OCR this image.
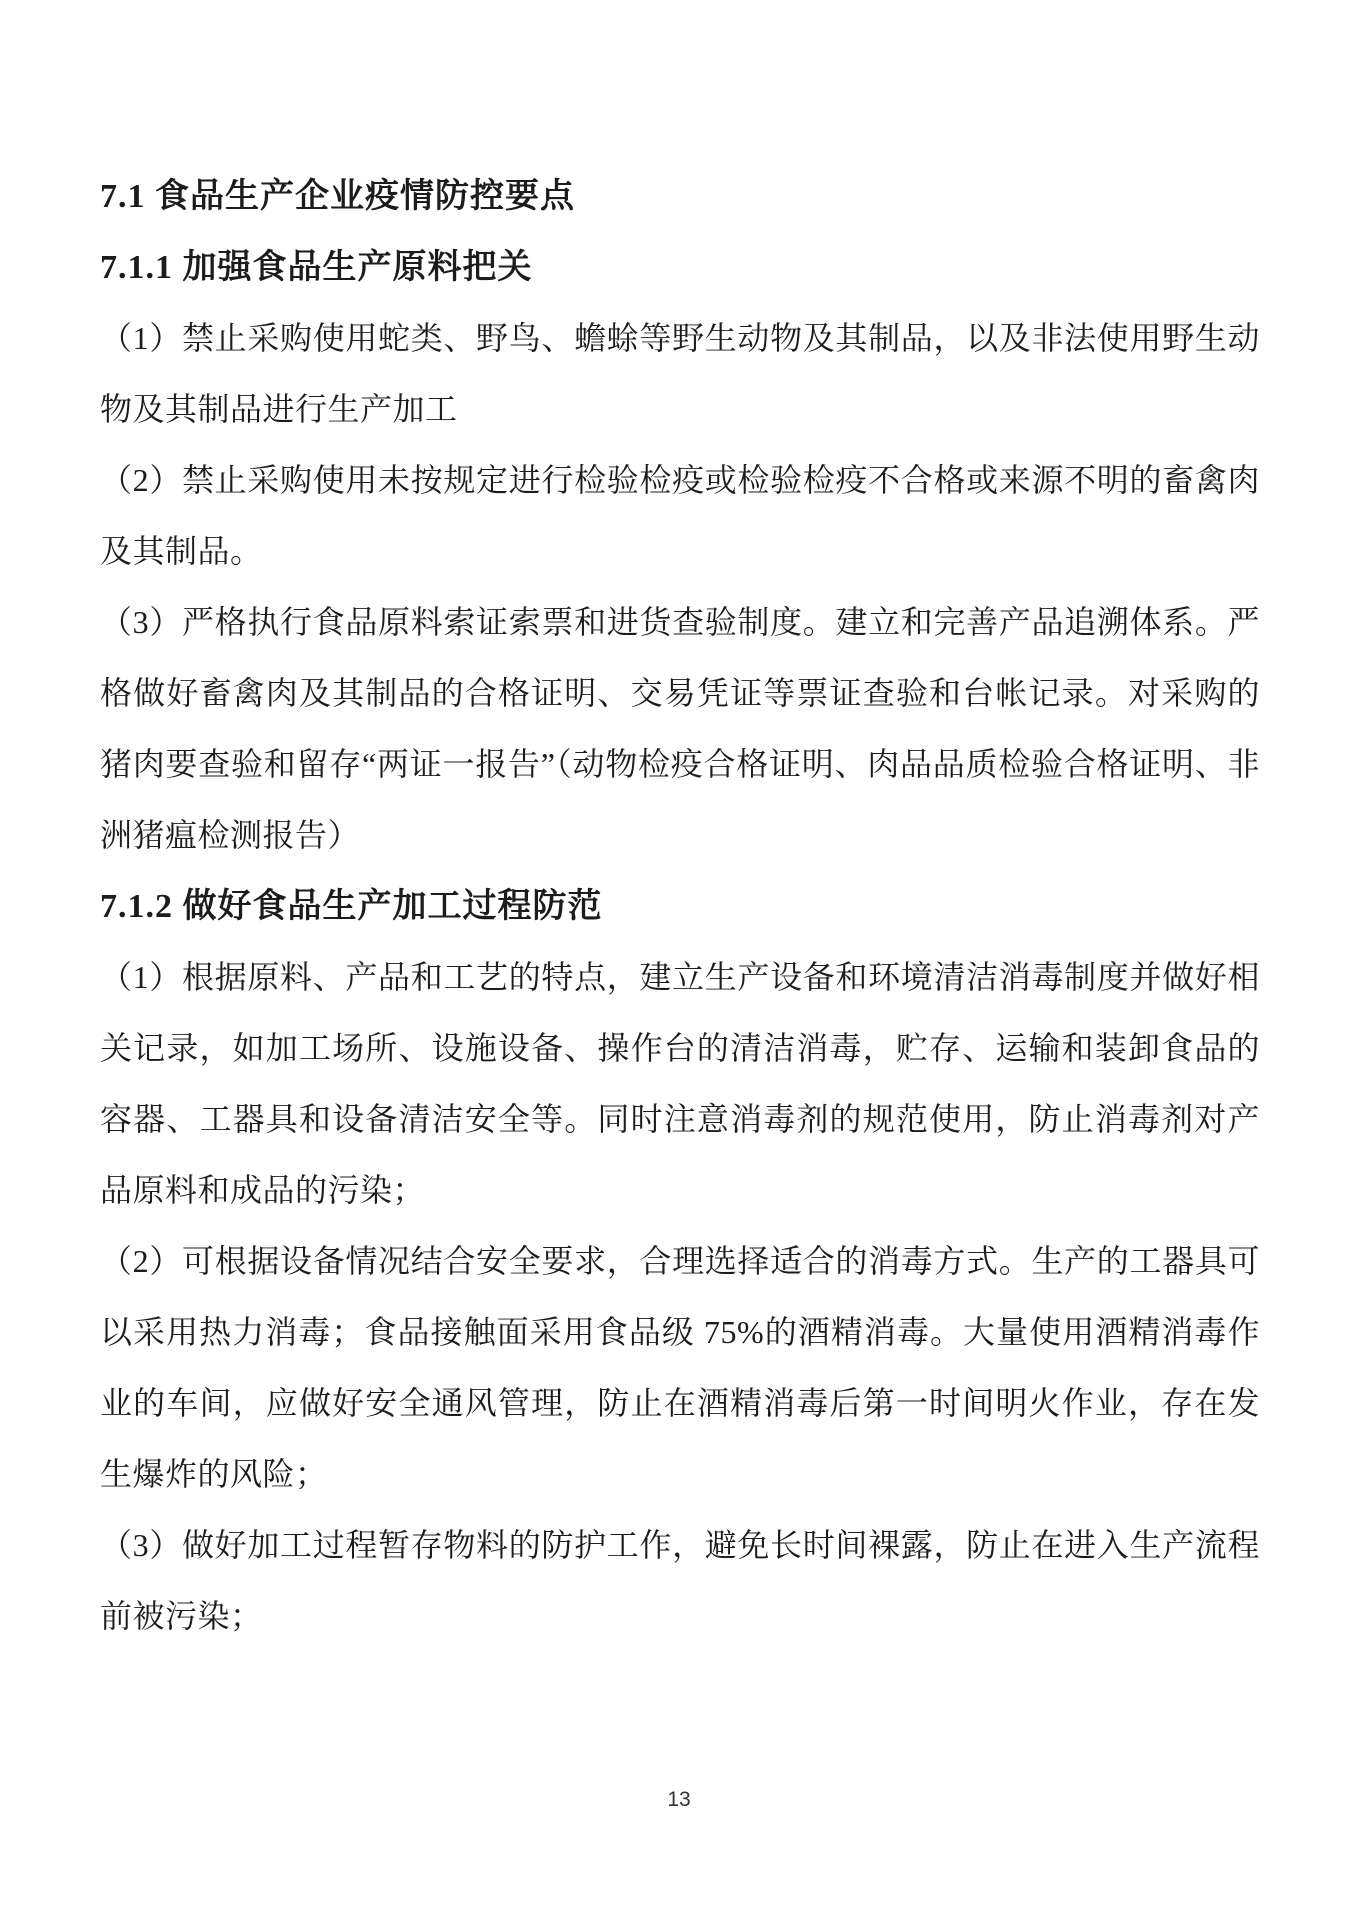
7.1 食品生产企业疫情防控要点
7.1.1 加强食品生产原料把关

（1）禁止采购使用蛇类、野鸟、蟾蜍等野生动物及其制品，以及非法使用野生动物及其制品进行生产加工

（2）禁止采购使用未按规定进行检验检疫或检验检疫不合格或来源不明的畜禽肉及其制品。

（3）严格执行食品原料索证索票和进货查验制度。建立和完善产品追溯体系。严格做好畜禽肉及其制品的合格证明、交易凭证等票证查验和台帐记录。对采购的猪肉要查验和留存“两证一报告”（动物检疫合格证明、肉品品质检验合格证明、非洲猪瘟检测报告）

7.1.2 做好食品生产加工过程防范

（1）根据原料、产品和工艺的特点，建立生产设备和环境清洁消毒制度并做好相关记录，如加工场所、设施设备、操作台的清洁消毒，贮存、运输和装卸食品的容器、工器具和设备清洁安全等。同时注意消毒剂的规范使用，防止消毒剂对产品原料和成品的污染；

（2）可根据设备情况结合安全要求，合理选择适合的消毒方式。生产的工器具可以采用热力消毒；食品接触面采用食品级 75%的酒精消毒。大量使用酒精消毒作业的车间，应做好安全通风管理，防止在酒精消毒后第一时间明火作业，存在发生爆炸的风险；

（3）做好加工过程暂存物料的防护工作，避免长时间裸露，防止在进入生产流程前被污染；

13
